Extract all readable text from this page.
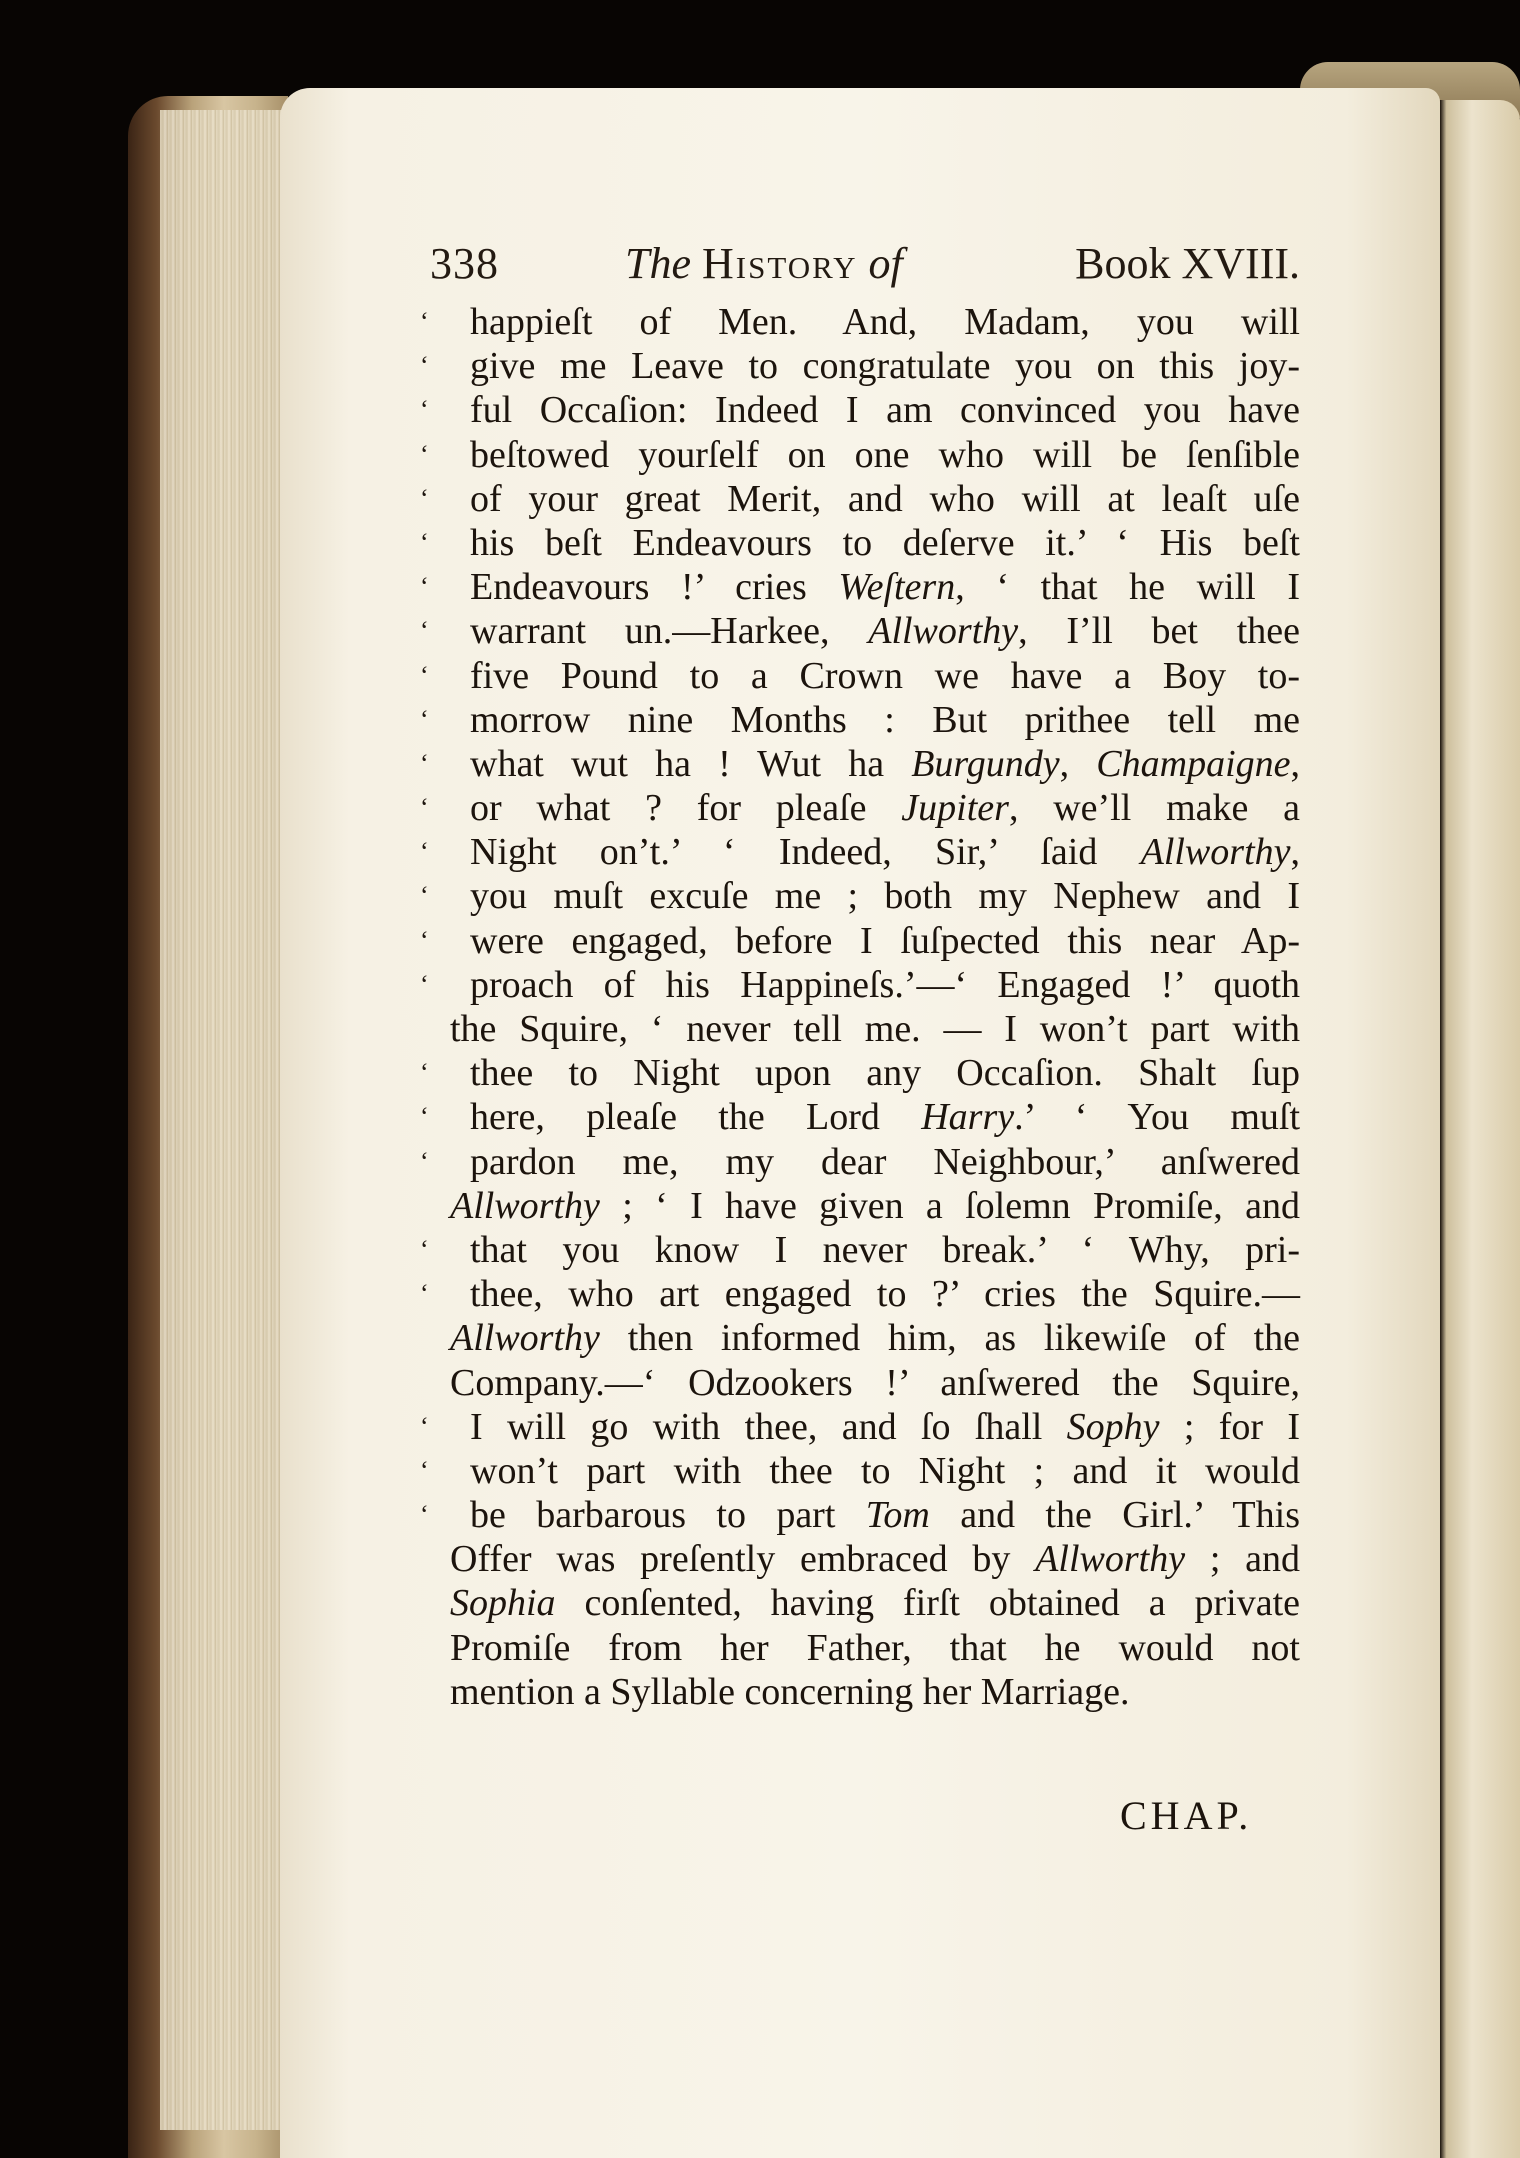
338	The History of	Book XVIII.
‘	happieſt of Men. And, Madam, you will
‘	give me Leave to congratulate you on this joy-
‘	ful Occaſion: Indeed I am convinced you have
‘	beſtowed yourſelf on one who will be ſenſible
‘	of your great Merit, and who will at leaſt uſe
‘	his beſt Endeavours to deſerve it.’ ‘ His beſt
‘	Endeavours !’ cries Weſtern, ‘ that he will I
‘	warrant un.—Harkee, Allworthy, I’ll bet thee
‘	five Pound to a Crown we have a Boy to-
‘	morrow nine Months : But prithee tell me
‘	what wut ha ! Wut ha Burgundy, Champaigne,
‘	or what ? for pleaſe Jupiter, we’ll make a
‘	Night on’t.’ ‘ Indeed, Sir,’ ſaid Allworthy,
‘	you muſt excuſe me ; both my Nephew and I
‘	were engaged, before I ſuſpected this near Ap-
‘	proach of his Happineſs.’—‘ Engaged !’ quoth
the Squire, ‘ never tell me. — I won’t part with
‘	thee to Night upon any Occaſion. Shalt ſup
‘	here, pleaſe the Lord Harry.’ ‘ You muſt
‘	pardon me, my dear Neighbour,’ anſwered
Allworthy ; ‘ I have given a ſolemn Promiſe, and
‘	that you know I never break.’ ‘ Why, pri-
‘	thee, who art engaged to ?’ cries the Squire.—
Allworthy then informed him, as likewiſe of the
Company.—‘ Odzookers !’ anſwered the Squire,
‘	I will go with thee, and ſo ſhall Sophy ; for I
‘	won’t part with thee to Night ; and it would
‘	be barbarous to part Tom and the Girl.’ This
Offer was preſently embraced by Allworthy ; and
Sophia conſented, having firſt obtained a private
Promiſe from her Father, that he would not
mention a Syllable concerning her Marriage.
CHAP.
